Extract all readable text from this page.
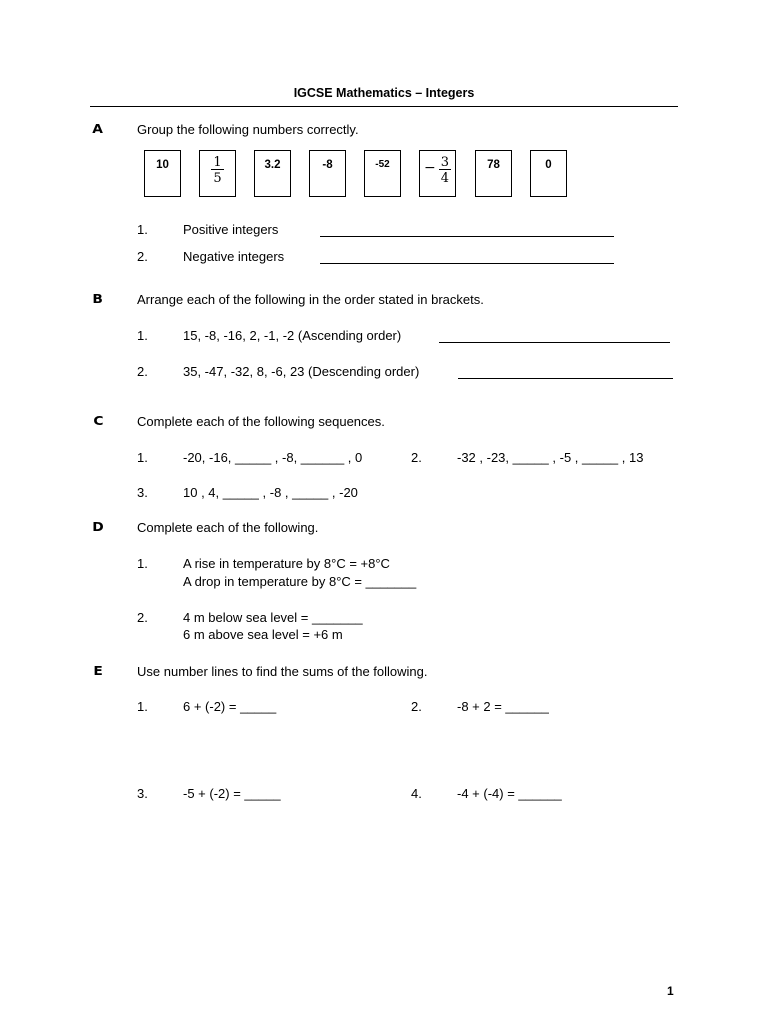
IGCSE Mathematics – Integers
A	Group the following numbers correctly.
10	$\frac{1}{5}$	3.2	-8	-52	− $\frac{3}{4}$	78	0
1.	Positive integers
2.	Negative integers
B	Arrange each of the following in the order stated in brackets.
1.	15, -8, -16, 2, -1, -2 (Ascending order)
2.	35, -47, -32, 8, -6, 23 (Descending order)
C	Complete each of the following sequences.
1.	-20, -16, _____ , -8, ______ , 0	2.	-32 , -23, _____ , -5 , _____ , 13
3.	10 , 4, _____ , -8 , _____ , -20
D	Complete each of the following.
1.	A rise in temperature by 8°C = +8°C
A drop in temperature by 8°C = _______
2.	4 m below sea level = _______
6 m above sea level = +6 m
E	Use number lines to find the sums of the following.
1.	6 + (-2) = _____	2.	-8 + 2 = ______
3.	-5 + (-2) = _____	4.	-4 + (-4) = ______
1
